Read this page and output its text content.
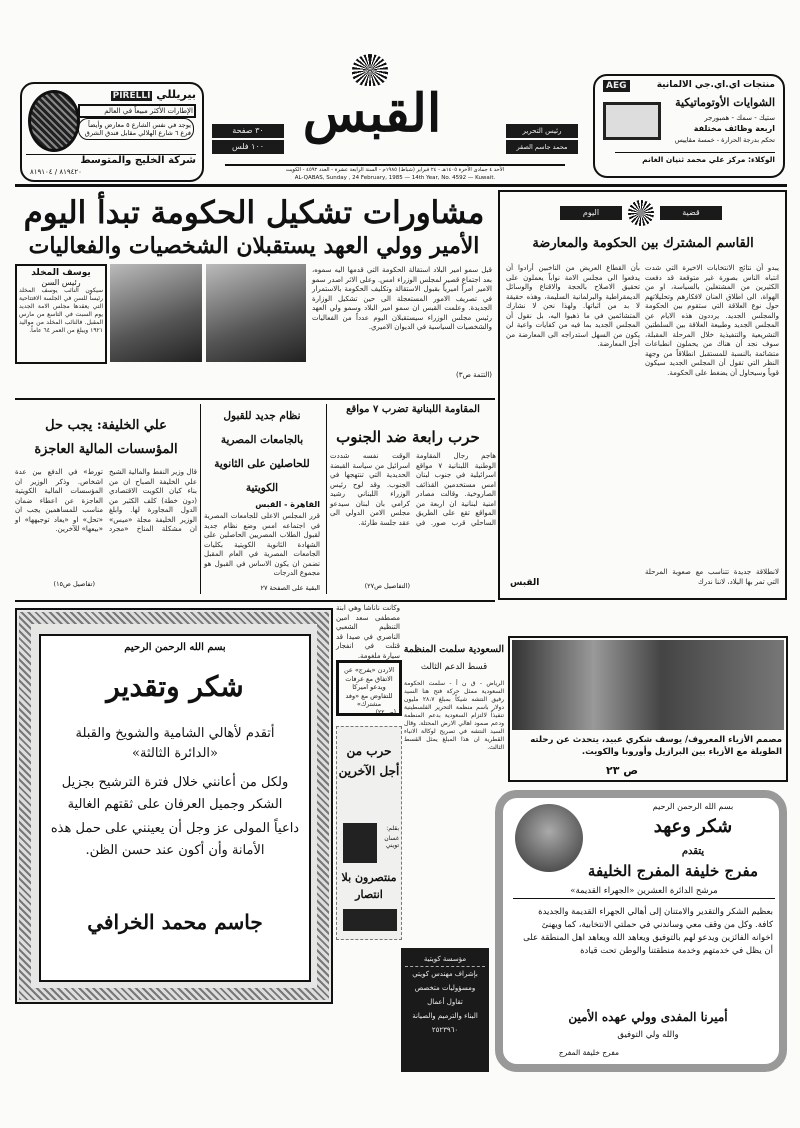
بيريللي PIRELLI
الإطارات الأكثر مبيعاً في العالم
يوجد في نفس الشارع ٥ معارض وأيضاً فرع ٦ شارع الهلالي مقابل فندق الشرق
شركة الخليج والمتوسط
٨١٩٤٢٠ / ٨١٩١٠٤
القبس
٣٠ صفحة
١٠٠ فلس
رئيس التحرير
محمد جاسم الصقر
الأحد ٤ جمادى الآخرة ١٤٠٥هـ - ٢٤ فبراير (شباط) ١٩٨٥م - السنة الرابعة عشرة - العدد ٤٥٩٢ - الكويت
AL-QABAS, Sunday , 24 February, 1985 — 14th Year, No. 4592 — Kuwait.
منتجات اي.اي.جي الالمانية
AEG
الشوايات الأوتوماتيكية
ستيك - سمك - همبورجر
اربعة وظائف مختلفة
تحكم بدرجة الحرارة - خمسة مقاييس
الوكلاء: مركز علي محمد ثنيان الغانم
مشاورات تشكيل الحكومة تبدأ اليوم
الأمير وولي العهد يستقبلان الشخصيات والفعاليات
يوسف المخلد
رئيس السن
سيكون النائب يوسف المخلد رئيساً للسن في الجلسة الافتتاحية التي يعقدها مجلس الامة الجديد يوم السبت في التاسع من مارس المقبل. فالنائب المخلد من مواليد ١٩٢١ ويبلغ من العمر ٦٤ عاماً.
قبل سمو امير البلاد استقالة الحكومة التي قدمها اليه سموه، بعد اجتماع قصير لمجلس الوزراء امس. وعلى الاثر اصدر سمو الامير امراً اميرياً بقبول الاستقالة وتكليف الحكومة بالاستمرار في تصريف الامور المستعجلة الى حين تشكيل الوزارة الجديدة. وعلمت القبس ان سمو امير البلاد وسمو ولي العهد رئيس مجلس الوزراء سيستقبلان اليوم عدداً من الفعاليات والشخصيات السياسية في الديوان الاميري.
(التتمة ص٣)
اليوم	قضية
القاسم المشترك بين الحكومة والمعارضة
يبدو أن نتائج الانتخابات الاخيرة التي شدت انتباه الناس بصورة غير متوقعة قد دفعت الكثيرين من المشتغلين بالسياسة، او من الهواة، الى اطلاق العنان لافكارهم وتحليلاتهم حول نوع العلاقة التي ستقوم بين الحكومة والمجلس الجديد. يرددون هذه الايام عن المجلس الجديد وطبيعة العلاقة بين السلطتين التشريعية والتنفيذية خلال المرحلة المقبلة، سوف نجد أن هناك من يحملون انطباعات متشائمة بالنسبة للمستقبل انطلاقاً من وجهة النظر التي تقول أن المجلس الجديد سيكون قوياً وسيحاول أن يضغط على الحكومة.
بأن القطاع العريض من الناخبين أرادوا أن يدفعوا الى مجلس الامة نواباً يعملون على تحقيق الاصلاح بالحجة والاقناع والوسائل الديمقراطية والبرلمانية السليمة، وهذه حقيقة لا بد من اثباتها. ولهذا نحن لا نشارك المتشائمين في ما ذهبوا اليه، بل نقول أن المجلس الجديد بما فيه من كفايات واعية لن يكون من السهل استدراجه الى المعارضة من أجل المعارضة.
لانطلاقة جديدة تتناسب مع صعوبة المرحلة التي تمر بها البلاد، لاننا ندرك
القبس
المقاومة اللبنانية تضرب ٧ مواقع
حرب رابعة ضد الجنوب
هاجم رجال المقاومة الوطنية اللبنانية ٧ مواقع اسرائيلية في جنوب لبنان امس مستخدمين القذائف الصاروخية. وقالت مصادر امنية لبنانية ان اربعة من المواقع تقع على الطريق الساحلي قرب صور. في الوقت نفسه شددت اسرائيل من سياسة القبضة الحديدية التي تنتهجها في الجنوب. وقد لوح رئيس الوزراء اللبناني رشيد كرامي بان لبنان سيدعو مجلس الامن الدولي الى عقد جلسة طارئة.
(التفاصيل ص٢٧)
نظام جديد للقبول بالجامعات المصرية للحاصلين على الثانوية الكويتية
القاهرة - القبس
قرر المجلس الاعلى للجامعات المصرية في اجتماعه امس وضع نظام جديد لقبول الطلاب المصريين الحاصلين على الشهادة الثانوية الكويتية بكليات الجامعات المصرية في العام المقبل تضمن ان يكون الاساس في القبول هو مجموع الدرجات
البقية على الصفحة ٢٧
علي الخليفة: يجب حل المؤسسات المالية العاجزة
قال وزير النفط والمالية الشيخ علي الخليفة الصباح ان من بناء كيان الكويت الاقتصادي (دون خطة) كلف الكثير من الدول المجاورة لها. وابلغ الوزير الخليفة مجلة «ميس» ان مشكلة المناخ «مجرد تورط» في الدفع بين عدة اشخاص. وذكر الوزير ان المؤسسات المالية الكويتية العاجزة عن اعطاء ضمان مناسب للمساهمين يجب ان «تحل» او «يعاد توجيهها» او «بيعها» للآخرين.
(تفاصيل ص١٥)
بسم الله الرحمن الرحيم
شكر وتقدير
أتقدم لأهالي الشامية والشويخ والقبلة
«الدائرة الثالثة»
ولكل من أعانني خلال فترة الترشيح بجزيل الشكر وجميل العرفان على ثقتهم الغالية
داعياً المولى عز وجل أن يعينني على حمل هذه الأمانة وأن أكون عند حسن الظن.
جاسم محمد الخرافي
وكانت ناناشا وهي ابنة مصطفى سعد امين التنظيم الشعبي الناصري في صيدا قد قتلت في انفجار سيارة ملغومة.
الاردن «يفرج» عن الاتفاق مع عرفات ويدعو اميركا للتفاوض مع «وفد مشترك»
(ص ٢٢)
حرب من أجل الآخرين
بقلم:
غسان تويني
منتصرون بلا انتصار
مؤسسة كويتية
بإشراف مهندس كويتي
ومسؤوليات متخصص
تقاول أعمال
البناء والترميم والصيانة
٢٥٢٣٩٦٠
السعودية سلمت المنظمة
قسط الدعم الثالث
الرياض - ق ن أ - سلمت الحكومة السعودية ممثل حركة فتح هنا السيد رفيق النتشه شيكاً بمبلغ ٢٨،٧ مليون دولار باسم منظمة التحرير الفلسطينية تنفيذاً لالتزام السعودية بدعم المنظمة ودعم صمود اهالي الارض المحتلة. وقال السيد النتشه في تصريح لوكالة الانباء القطرية ان هذا المبلغ يمثل القسط الثالث.
مصمم الأزياء المعروف/ يوسف شكري عبيد، يتحدث عن رحلته الطويلة مع الأزياء بين البرازيل وأوروبا والكويت.
ص ٢٣
بسم الله الرحمن الرحيم
شكر وعهد
يتقدم
مفرج خليفة المفرج الخليفة
مرشح الدائرة العشرين «الجهراء القديمة»
بعظيم الشكر والتقدير والامتنان إلى أهالي الجهراء القديمة والجديدة كافة. وكل من وقف معي وساندني في حملتي الانتخابية، كما ويهنئ اخوانه الفائزين ويدعو لهم بالتوفيق ويعاهد الله ويعاهد اهل المنطقة على أن يظل في خدمتهم وخدمة منطقتنا والوطن تحت قيادة
أميرنا المفدى وولي عهده الأمين
والله ولي التوفيق
مفرج خليفة المفرج
